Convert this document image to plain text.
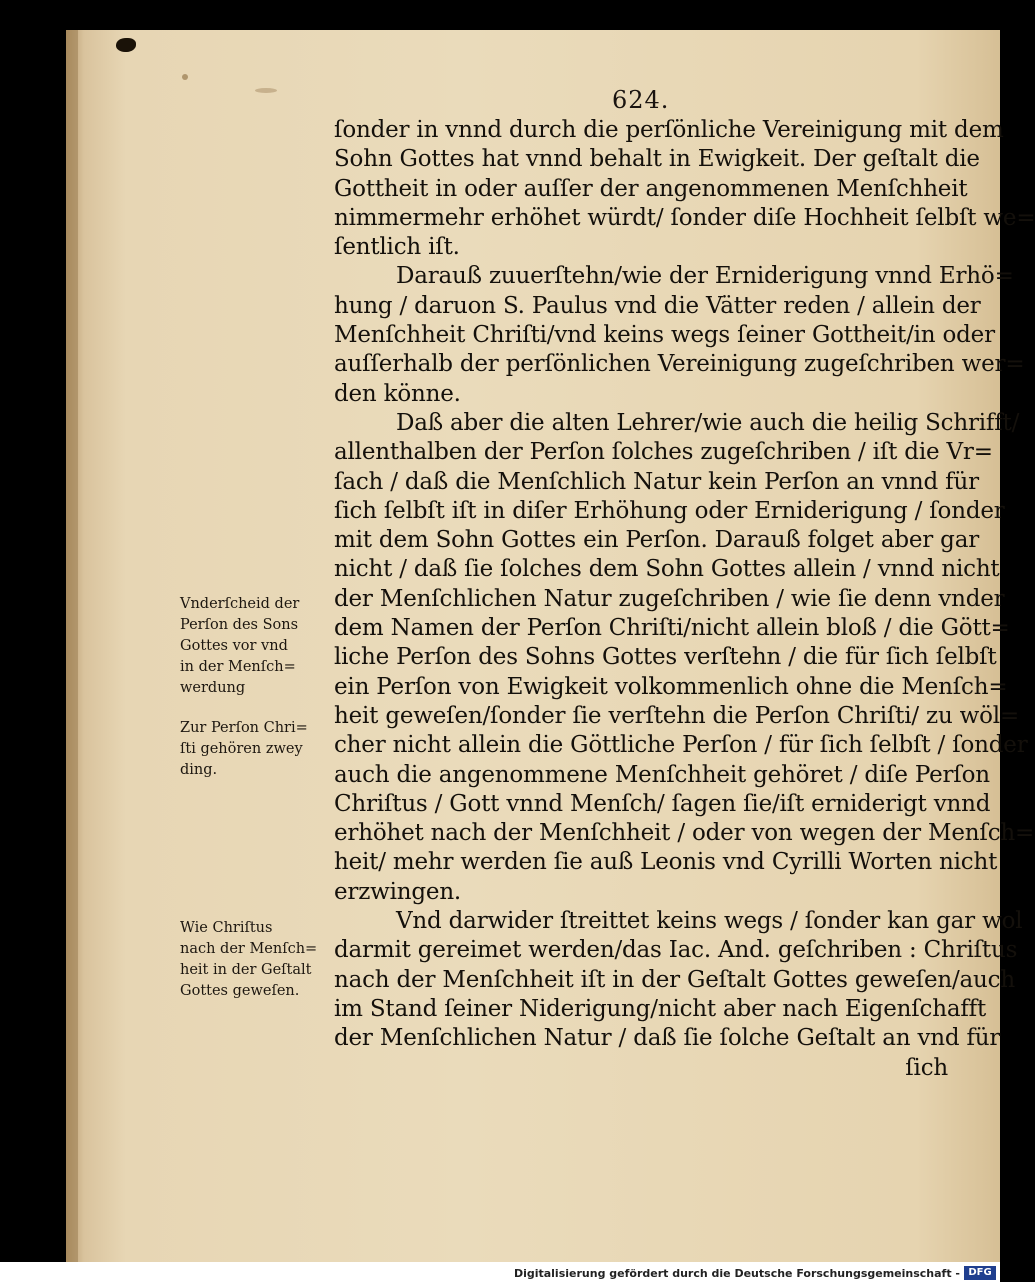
624.
ſonder in vnnd durch die perſönliche Vereinigung mit dem
Sohn Gottes hat vnnd behalt in Ewigkeit. Der geſtalt die
Gottheit in oder auſſer der angenommenen Menſchheit
nimmermehr erhöhet würdt/ ſonder diſe Hochheit ſelbſt we=
ſentlich iſt.
Darauß zuuerſtehn/wie der Erniderigung vnnd Erhö=
hung / daruon S. Paulus vnd die Vätter reden / allein der
Menſchheit Chriſti/vnd keins wegs ſeiner Gottheit/in oder
auſſerhalb der perſönlichen Vereinigung zugeſchriben wer=
den könne.
Daß aber die alten Lehrer/wie auch die heilig Schrifft/
allenthalben der Perſon ſolches zugeſchriben / iſt die Vr=
ſach / daß die Menſchlich Natur kein Perſon an vnnd für
ſich ſelbſt iſt in diſer Erhöhung oder Erniderigung / ſonder
mit dem Sohn Gottes ein Perſon. Darauß folget aber gar
nicht / daß ſie ſolches dem Sohn Gottes allein / vnnd nicht
der Menſchlichen Natur zugeſchriben / wie ſie denn vnder
dem Namen der Perſon Chriſti/nicht allein bloß / die Gött=
liche Perſon des Sohns Gottes verſtehn / die für ſich ſelbſt
ein Perſon von Ewigkeit volkommenlich ohne die Menſch=
heit geweſen/ſonder ſie verſtehn die Perſon Chriſti/ zu wöl=
cher nicht allein die Göttliche Perſon / für ſich ſelbſt / ſonder
auch die angenommene Menſchheit gehöret / diſe Perſon
Chriſtus / Gott vnnd Menſch/ ſagen ſie/iſt erniderigt vnnd
erhöhet nach der Menſchheit / oder von wegen der Menſch=
heit/ mehr werden ſie auß Leonis vnd Cyrilli Worten nicht
erzwingen.
Vnd darwider ſtreittet keins wegs / ſonder kan gar wol
darmit gereimet werden/das Iac. And. geſchriben : Chriſtus
nach der Menſchheit iſt in der Geſtalt Gottes geweſen/auch
im Stand ſeiner Niderigung/nicht aber nach Eigenſchafft
der Menſchlichen Natur / daß ſie ſolche Geſtalt an vnd für
ſich
Vnderſcheid der
Perſon des Sons
Gottes vor vnd
in der Menſch=
werdung
Zur Perſon Chri=
ſti gehören zwey
ding.
Wie Chriſtus
nach der Menſch=
heit in der Geſtalt
Gottes geweſen.
Digitalisierung gefördert durch die Deutsche Forschungsgemeinschaft - DFG
